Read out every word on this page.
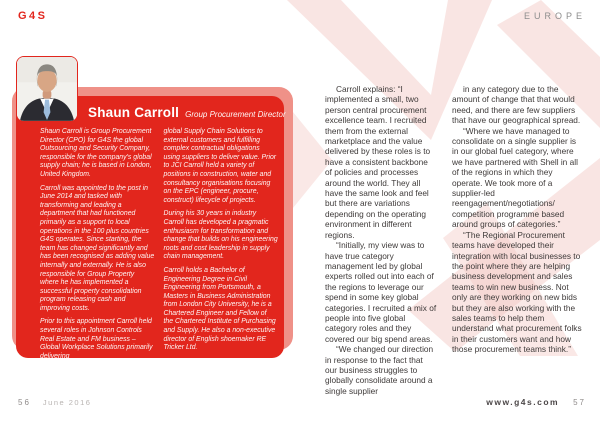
G4S	EUROPE
Shaun Carroll Group Procurement Director

Shaun Carroll is Group Procurement Director (CPO) for G4S the global Outsourcing and Security Company, responsible for the company's global supply chain; he is based in London, United Kingdom.

Carroll was appointed to the post in June 2014 and tasked with transforming and leading a department that had functioned primarily as a support to local operations in the 100 plus countries G4S operates. Since starting, the team has changed significantly and has been recognised as adding value internally and externally. He is also responsible for Group Property where he has implemented a successful property consolidation program releasing cash and improving costs.

Prior to this appointment Carroll held several roles in Johnson Controls Real Estate and FM business – Global Workplace Solutions primarily delivering

global Supply Chain Solutions to external customers and fulfilling complex contractual obligations using suppliers to deliver value. Prior to JCI Carroll held a variety of positions in construction, water and consultancy organisations focusing on the EPC (engineer, procure, construct) lifecycle of projects.

During his 30 years in industry Carroll has developed a pragmatic enthusiasm for transformation and change that builds on his engineering roots and cost leadership in supply chain management.

Carroll holds a Bachelor of Engineering Degree in Civil Engineering from Portsmouth, a Masters in Business Administration from London City University, he is a Chartered Engineer and Fellow of the Chartered Institute of Purchasing and Supply. He also a non-executive director of English shoemaker RE Tricker Ltd.

Carroll explains: “I implemented a small, two person central procurement excellence team. I recruited them from the external marketplace and the value delivered by these roles is to have a consistent backbone of policies and processes around the world. They all have the same look and feel but there are variations depending on the operating environment in different regions.

“Initially, my view was to have true category management led by global experts rolled out into each of the regions to leverage our spend in some key global categories. I recruited a mix of people into five global category roles and they covered our big spend areas.

“We changed our direction in response to the fact that our business struggles to globally consolidate around a single supplier

in any category due to the amount of change that that would need, and there are few suppliers that have our geographical spread.

“Where we have managed to consolidate on a single supplier is in our global fuel category, where we have partnered with Shell in all of the regions in which they operate. We took more of a supplier-led reengagement/negotiations/ competition programme based around groups of categories.”

“The Regional Procurement teams have developed their integration with local businesses to the point where they are helping business development and sales teams to win new business. Not only are they working on new bids but they are also working with the sales teams to help them understand what procurement folks in their customers want and how those procurement teams think.”

56 June 2016	www.g4s.com 57
